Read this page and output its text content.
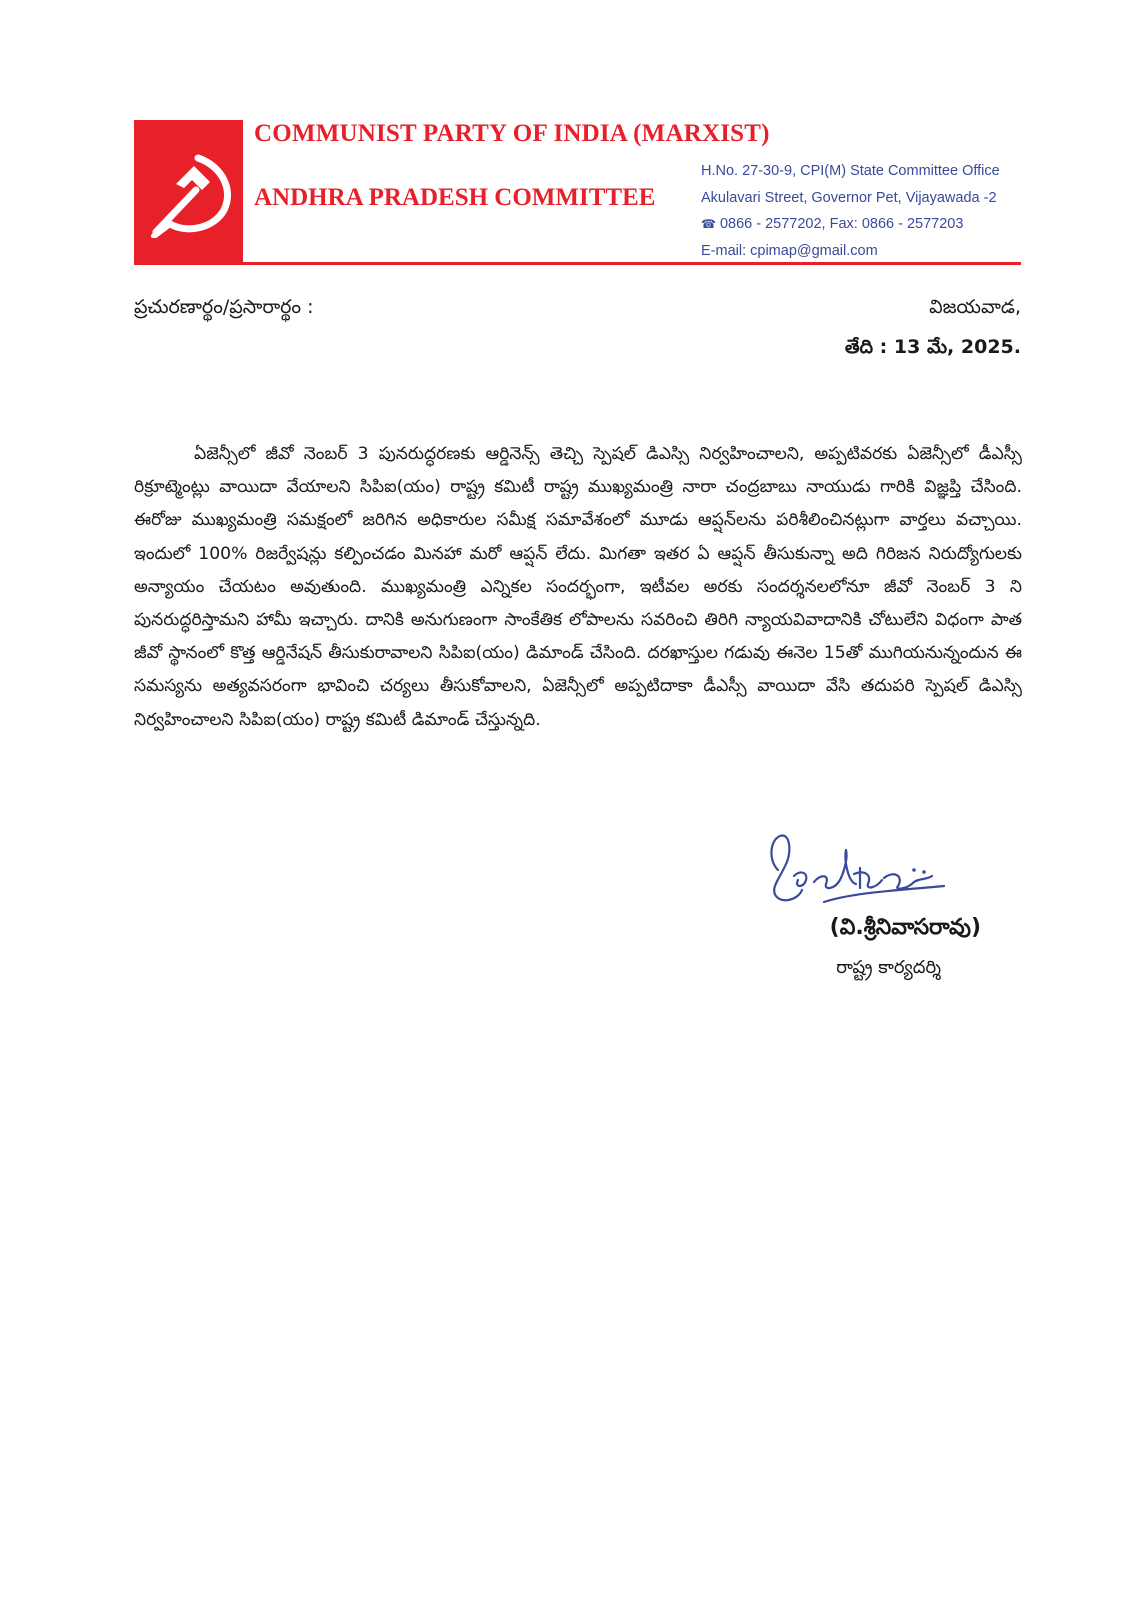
COMMUNIST PARTY OF INDIA (MARXIST)
ANDHRA PRADESH COMMITTEE
H.No. 27-30-9, CPI(M) State Committee Office
Akulavari Street, Governor Pet, Vijayawada -2
☎ 0866 - 2577202, Fax: 0866 - 2577203
E-mail: cpimap@gmail.com
ప్రచురణార్థం/ప్రసారార్థం :	విజయవాడ,
తేది : 13 మే, 2025.

ఏజెన్సీలో జీవో నెంబర్ 3 పునరుద్ధరణకు ఆర్డినెన్స్ తెచ్చి స్పెషల్ డిఎస్సి నిర్వహించాలని, అప్పటివరకు ఏజెన్సీలో డీఎస్సీ రిక్రూట్మెంట్లు వాయిదా వేయాలని సిపిఐ(యం) రాష్ట్ర కమిటీ రాష్ట్ర ముఖ్యమంత్రి నారా చంద్రబాబు నాయుడు గారికి విజ్ఞప్తి చేసింది. ఈరోజు ముఖ్యమంత్రి సమక్షంలో జరిగిన అధికారుల సమీక్ష సమావేశంలో మూడు ఆప్షన్‌లను పరిశీలించినట్లుగా వార్తలు వచ్చాయి. ఇందులో 100% రిజర్వేషన్లు కల్పించడం మినహా మరో ఆప్షన్ లేదు. మిగతా ఇతర ఏ ఆప్షన్ తీసుకున్నా అది గిరిజన నిరుద్యోగులకు అన్యాయం చేయటం అవుతుంది. ముఖ్యమంత్రి ఎన్నికల సందర్భంగా, ఇటీవల అరకు సందర్శనలలోనూ జీవో నెంబర్ 3 ని పునరుద్ధరిస్తామని హామీ ఇచ్చారు. దానికి అనుగుణంగా సాంకేతిక లోపాలను సవరించి తిరిగి న్యాయవివాదానికి చోటులేని విధంగా పాత జీవో స్థానంలో కొత్త ఆర్డినేషన్ తీసుకురావాలని సిపిఐ(యం) డిమాండ్ చేసింది. దరఖాస్తుల గడువు ఈనెల 15తో ముగియనున్నందున ఈ సమస్యను అత్యవసరంగా భావించి చర్యలు తీసుకోవాలని, ఏజెన్సీలో అప్పటిదాకా డీఎస్సీ వాయిదా వేసి తదుపరి స్పెషల్ డిఎస్సి నిర్వహించాలని సిపిఐ(యం) రాష్ట్ర కమిటీ డిమాండ్ చేస్తున్నది.

(వి.శ్రీనివాసరావు)
రాష్ట్ర కార్యదర్శి
